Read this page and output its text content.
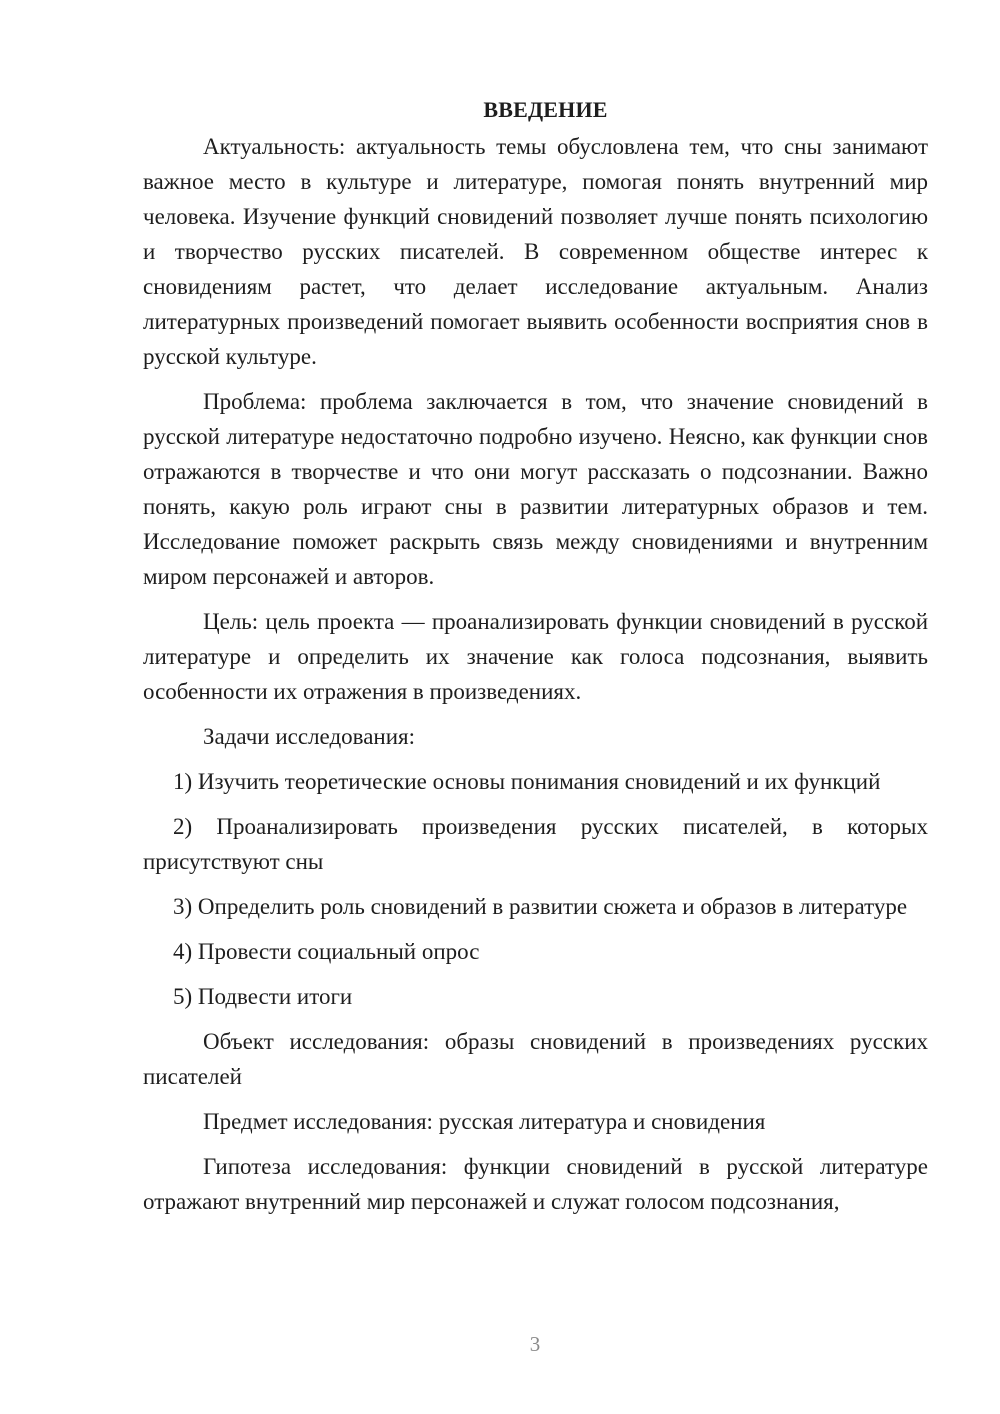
ВВЕДЕНИЕ

Актуальность: актуальность темы обусловлена тем, что сны занимают важное место в культуре и литературе, помогая понять внутренний мир человека. Изучение функций сновидений позволяет лучше понять психологию и творчество русских писателей. В современном обществе интерес к сновидениям растет, что делает исследование актуальным. Анализ литературных произведений помогает выявить особенности восприятия снов в русской культуре.

Проблема: проблема заключается в том, что значение сновидений в русской литературе недостаточно подробно изучено. Неясно, как функции снов отражаются в творчестве и что они могут рассказать о подсознании. Важно понять, какую роль играют сны в развитии литературных образов и тем. Исследование поможет раскрыть связь между сновидениями и внутренним миром персонажей и авторов.

Цель: цель проекта — проанализировать функции сновидений в русской литературе и определить их значение как голоса подсознания, выявить особенности их отражения в произведениях.

Задачи исследования:

1) Изучить теоретические основы понимания сновидений и их функций

2) Проанализировать произведения русских писателей, в которых присутствуют сны

3) Определить роль сновидений в развитии сюжета и образов в литературе

4) Провести социальный опрос

5) Подвести итоги

Объект исследования: образы сновидений в произведениях русских писателей

Предмет исследования: русская литература и сновидения

Гипотеза исследования: функции сновидений в русской литературе отражают внутренний мир персонажей и служат голосом подсознания,

3
